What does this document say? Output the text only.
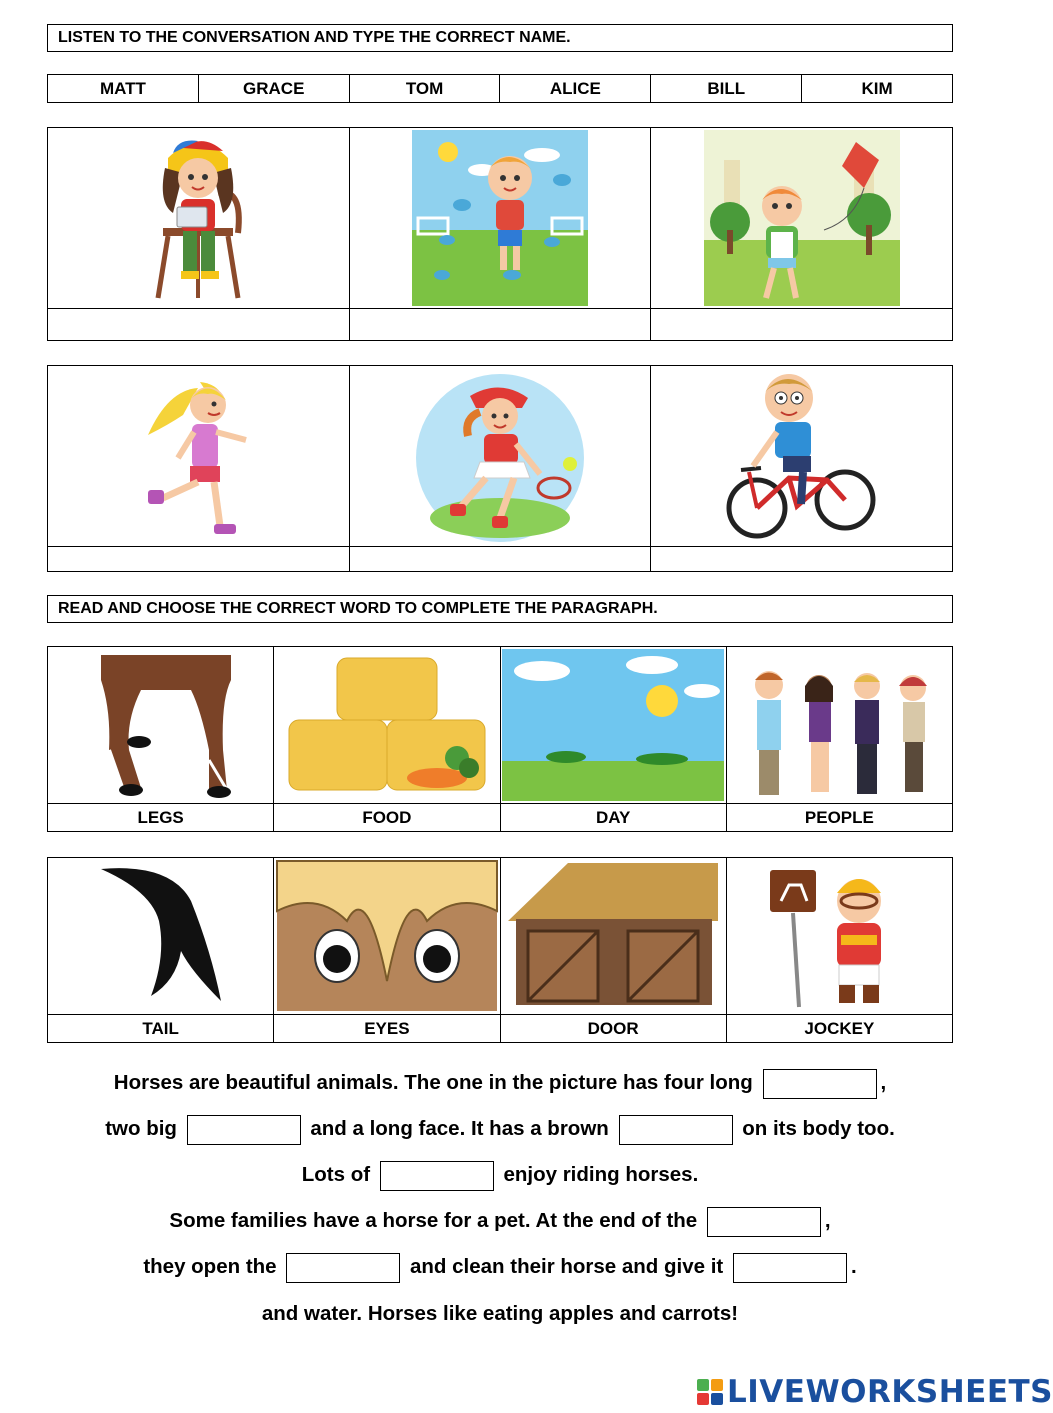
LISTEN TO THE CONVERSATION AND TYPE THE CORRECT NAME.
MATT	GRACE	TOM	ALICE	BILL	KIM

READ AND CHOOSE THE CORRECT WORD TO COMPLETE THE PARAGRAPH.

LEGS	FOOD	DAY	PEOPLE

TAIL	EYES	DOOR	JOCKEY
Horses are beautiful animals. The one in the picture has four long	,
two big	and a long face. It has a brown	on its body too.
Lots of	enjoy riding horses.
Some families have a horse for a pet. At the end of the	,
they open the	and clean their horse and give it	.
and water. Horses like eating apples and carrots!
LIVEWORKSHEETS
